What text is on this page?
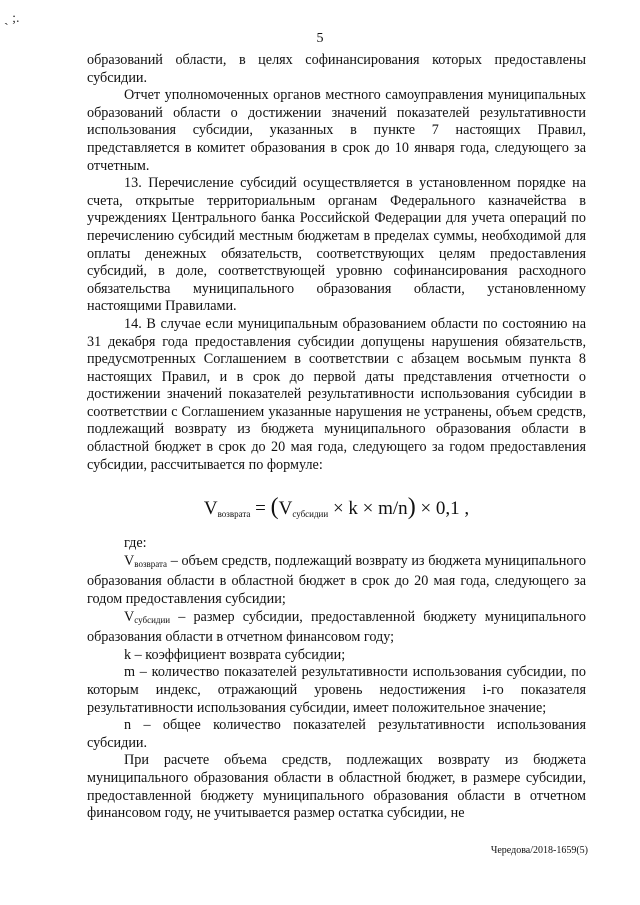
ˎ ;.
5

образований области, в целях софинансирования которых предоставлены субсидии.

Отчет уполномоченных органов местного самоуправления муниципальных образований области о достижении значений показателей результативности использования субсидии, указанных в пункте 7 настоящих Правил, представляется в комитет образования в срок до 10 января года, следующего за отчетным.

13. Перечисление субсидий осуществляется в установленном порядке на счета, открытые территориальным органам Федерального казначейства в учреждениях Центрального банка Российской Федерации для учета операций по перечислению субсидий местным бюджетам в пределах суммы, необходимой для оплаты денежных обязательств, соответствующих целям предоставления субсидий, в доле, соответствующей уровню софинансирования расходного обязательства муниципального образования области, установленному настоящими Правилами.

14. В случае если муниципальным образованием области по состоянию на 31 декабря года предоставления субсидии допущены нарушения обязательств, предусмотренных Соглашением в соответствии с абзацем восьмым пункта 8 настоящих Правил, и в срок до первой даты представления отчетности о достижении значений показателей результативности использования субсидии в соответствии с Соглашением указанные нарушения не устранены, объем средств, подлежащий возврату из бюджета муниципального образования области в областной бюджет в срок до 20 мая года, следующего за годом предоставления субсидии, рассчитывается по формуле:

$V_{возврата} = (V_{субсидии} \times k \times m/n) \times 0,1$ ,

где:

$V_{возврата}$ – объем средств, подлежащий возврату из бюджета муниципального образования области в областной бюджет в срок до 20 мая года, следующего за годом предоставления субсидии;

$V_{субсидии}$ – размер субсидии, предоставленной бюджету муниципального образования области в отчетном финансовом году;

k – коэффициент возврата субсидии;

m – количество показателей результативности использования субсидии, по которым индекс, отражающий уровень недостижения i-го показателя результативности использования субсидии, имеет положительное значение;

n – общее количество показателей результативности использования субсидии.

При расчете объема средств, подлежащих возврату из бюджета муниципального образования области в областной бюджет, в размере субсидии, предоставленной бюджету муниципального образования области в отчетном финансовом году, не учитывается размер остатка субсидии, не

Чередова/2018-1659(5)
